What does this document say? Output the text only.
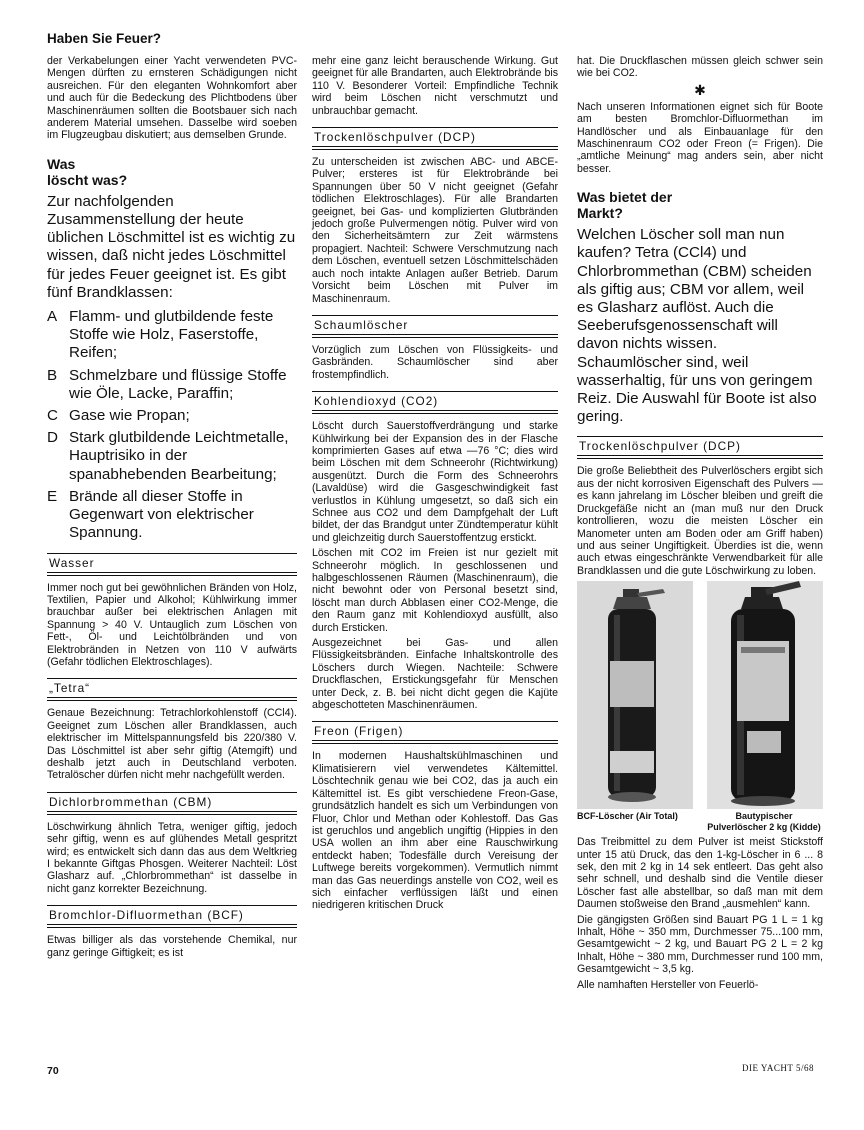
Haben Sie Feuer?

der Verkabelungen einer Yacht verwendeten PVC-Mengen dürften zu ernsteren Schädigungen nicht ausreichen. Für den eleganten Wohnkomfort aber und auch für die Bedeckung des Plichtbodens über Maschinenräumen sollten die Bootsbauer sich nach anderem Material umsehen. Dasselbe wird soeben im Flugzeugbau diskutiert; aus demselben Grunde.

Was
löscht was?

Zur nachfolgenden Zusammenstellung der heute üblichen Löschmittel ist es wichtig zu wissen, daß nicht jedes Löschmittel für jedes Feuer geeignet ist. Es gibt fünf Brandklassen:

A Flamm- und glutbildende feste Stoffe wie Holz, Faserstoffe, Reifen;
B Schmelzbare und flüssige Stoffe wie Öle, Lacke, Paraffin;
C Gase wie Propan;
D Stark glutbildende Leichtmetalle, Hauptrisiko in der spanabhebenden Bearbeitung;
E Brände all dieser Stoffe in Gegenwart von elektrischer Spannung.
Wasser

Immer noch gut bei gewöhnlichen Bränden von Holz, Textilien, Papier und Alkohol; Kühlwirkung immer brauchbar außer bei elektrischen Anlagen mit Spannung > 40 V. Untauglich zum Löschen von Fett-, Öl- und Leichtölbränden und von Elektrobränden in Netzen von 110 V aufwärts (Gefahr tödlichen Elektroschlages).

„Tetra“

Genaue Bezeichnung: Tetrachlorkohlenstoff (CCl4). Geeignet zum Löschen aller Brandklassen, auch elektrischer im Mittelspannungsfeld bis 220/380 V. Das Löschmittel ist aber sehr giftig (Atemgift) und deshalb jetzt auch in Deutschland verboten. Tetralöscher dürfen nicht mehr nachgefüllt werden.

Dichlorbrommethan (CBM)

Löschwirkung ähnlich Tetra, weniger giftig, jedoch sehr giftig, wenn es auf glühendes Metall gespritzt wird; es entwickelt sich dann das aus dem Weltkrieg I bekannte Giftgas Phosgen. Weiterer Nachteil: Löst Glasharz auf. „Chlorbrommethan“ ist dasselbe in nicht ganz korrekter Bezeichnung.

Bromchlor-Difluormethan (BCF)

Etwas billiger als das vorstehende Chemikal, nur ganz geringe Giftigkeit; es ist

mehr eine ganz leicht berauschende Wirkung. Gut geeignet für alle Brandarten, auch Elektrobrände bis 110 V. Besonderer Vorteil: Empfindliche Technik wird beim Löschen nicht verschmutzt und unbrauchbar gemacht.

Trockenlöschpulver (DCP)

Zu unterscheiden ist zwischen ABC- und ABCE-Pulver; ersteres ist für Elektrobrände bei Spannungen über 50 V nicht geeignet (Gefahr tödlichen Elektroschlages). Für alle Brandarten geeignet, bei Gas- und komplizierten Glutbränden jedoch große Pulvermengen nötig. Pulver wird von den Sicherheitsämtern zur Zeit wärmstens propagiert. Nachteil: Schwere Verschmutzung nach dem Löschen, eventuell setzen Löschmittelschäden auch noch intakte Anlagen außer Betrieb. Darum Vorsicht beim Löschen mit Pulver im Maschinenraum.

Schaumlöscher

Vorzüglich zum Löschen von Flüssigkeits- und Gasbränden. Schaumlöscher sind aber frostempfindlich.

Kohlendioxyd (CO2)

Löscht durch Sauerstoffverdrängung und starke Kühlwirkung bei der Expansion des in der Flasche komprimierten Gases auf etwa —76 °C; dies wird beim Löschen mit dem Schneerohr (Richtwirkung) ausgenützt. Durch die Form des Schneerohrs (Lavaldüse) wird die Gasgeschwindigkeit fast verlustlos in Kühlung umgesetzt, so daß sich ein Schnee aus CO2 und dem Dampfgehalt der Luft bildet, der das Brandgut unter Zündtemperatur kühlt und gleichzeitig durch Sauerstoffentzug erstickt.

Löschen mit CO2 im Freien ist nur gezielt mit Schneerohr möglich. In geschlossenen und halbgeschlossenen Räumen (Maschinenraum), die nicht bewohnt oder von Personal besetzt sind, löscht man durch Abblasen einer CO2-Menge, die den Raum ganz mit Kohlendioxyd ausfüllt, also durch Ersticken.

Ausgezeichnet bei Gas- und allen Flüssigkeitsbränden. Einfache Inhaltskontrolle des Löschers durch Wiegen. Nachteile: Schwere Druckflaschen, Erstickungsgefahr für Menschen unter Deck, z. B. bei nicht dicht gegen die Kajüte abgeschotteten Maschinenräumen.

Freon (Frigen)

In modernen Haushaltskühlmaschinen und Klimatisierern viel verwendetes Kältemittel. Löschtechnik genau wie bei CO2, das ja auch ein Kältemittel ist. Es gibt verschiedene Freon-Gase, grundsätzlich handelt es sich um Verbindungen von Fluor, Chlor und Methan oder Kohlestoff. Das Gas ist geruchlos und angeblich ungiftig (Hippies in den USA wollen an ihm aber eine Rauschwirkung entdeckt haben; Todesfälle durch Vereisung der Luftwege bereits vorgekommen). Vermutlich nimmt man das Gas neuerdings anstelle von CO2, weil es sich einfacher verflüssigen läßt und einen niedrigeren kritischen Druck

hat. Die Druckflaschen müssen gleich schwer sein wie bei CO2.

✱

Nach unseren Informationen eignet sich für Boote am besten Bromchlor-Difluormethan im Handlöscher und als Einbauanlage für den Maschinenraum CO2 oder Freon (= Frigen). Die „amtliche Meinung“ mag anders sein, aber nicht besser.

Was bietet der
Markt?

Welchen Löscher soll man nun kaufen? Tetra (CCl4) und Chlorbrommethan (CBM) scheiden als giftig aus; CBM vor allem, weil es Glasharz auflöst. Auch die Seeberufsgenossenschaft will davon nichts wissen. Schaumlöscher sind, weil wasserhaltig, für uns von geringem Reiz. Die Auswahl für Boote ist also gering.

Trockenlöschpulver (DCP)

Die große Beliebtheit des Pulverlöschers ergibt sich aus der nicht korrosiven Eigenschaft des Pulvers — es kann jahrelang im Löscher bleiben und greift die Druckgefäße nicht an (man muß nur den Druck kontrollieren, wozu die meisten Löscher ein Manometer unten am Boden oder am Griff haben) und aus seiner Ungiftigkeit. Überdies ist die, wenn auch etwas eingeschränkte Verwendbarkeit für alle Brandklassen und die gute Löschwirkung zu loben.

BCF-Löscher (Air Total)	Bautypischer Pulverlöscher 2 kg (Kidde)

Das Treibmittel zu dem Pulver ist meist Stickstoff unter 15 atü Druck, das den 1-kg-Löscher in 6 ... 8 sek, den mit 2 kg in 14 sek entleert. Das geht also sehr schnell, und deshalb sind die Ventile dieser Löscher fast alle abstellbar, so daß man mit dem Daumen stoßweise den Brand „ausmehlen“ kann.

Die gängigsten Größen sind Bauart PG 1 L = 1 kg Inhalt, Höhe ~ 350 mm, Durchmesser 75...100 mm, Gesamtgewicht ~ 2 kg, und Bauart PG 2 L = 2 kg Inhalt, Höhe ~ 380 mm, Durchmesser rund 100 mm, Gesamtgewicht ~ 3,5 kg.

Alle namhaften Hersteller von Feuerlö-

70	DIE YACHT 5/68
